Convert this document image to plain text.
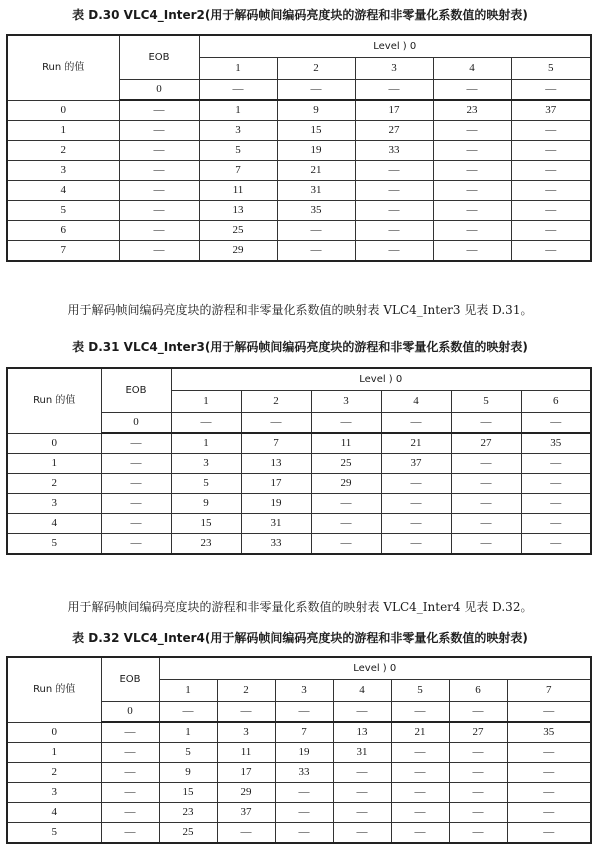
表 D.30 VLC4_Inter2(用于解码帧间编码亮度块的游程和非零量化系数值的映射表)
Run 的值	EOB	Level ) 0				
		1	2	3	4	5
	0	—	—	—	—	—
0	—	1	9	17	23	37
1	—	3	15	27	—	—
2	—	5	19	33	—	—
3	—	7	21	—	—	—
4	—	11	31	—	—	—
5	—	13	35	—	—	—
6	—	25	—	—	—	—
7	—	29	—	—	—	—
用于解码帧间编码亮度块的游程和非零量化系数值的映射表 VLC4_Inter3 见表 D.31。
表 D.31 VLC4_Inter3(用于解码帧间编码亮度块的游程和非零量化系数值的映射表)
Run 的值	EOB	Level ) 0					
		1	2	3	4	5	6
	0	—	—	—	—	—	—
0	—	1	7	11	21	27	35
1	—	3	13	25	37	—	—
2	—	5	17	29	—	—	—
3	—	9	19	—	—	—	—
4	—	15	31	—	—	—	—
5	—	23	33	—	—	—	—
用于解码帧间编码亮度块的游程和非零量化系数值的映射表 VLC4_Inter4 见表 D.32。
表 D.32 VLC4_Inter4(用于解码帧间编码亮度块的游程和非零量化系数值的映射表)
Run 的值	EOB	Level ) 0						
		1	2	3	4	5	6	7
	0	—	—	—	—	—	—	—
0	—	1	3	7	13	21	27	35
1	—	5	11	19	31	—	—	—
2	—	9	17	33	—	—	—	—
3	—	15	29	—	—	—	—	—
4	—	23	37	—	—	—	—	—
5	—	25	—	—	—	—	—	—
